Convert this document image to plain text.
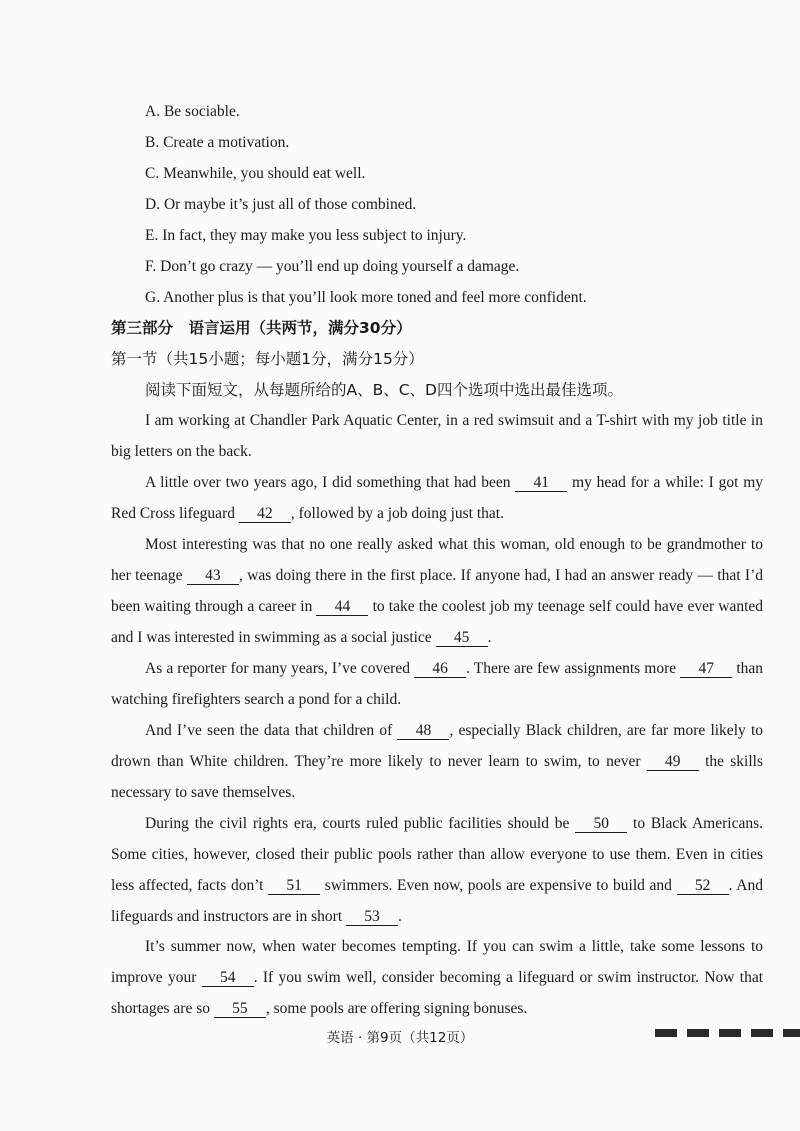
A. Be sociable.
B. Create a motivation.
C. Meanwhile, you should eat well.
D. Or maybe it’s just all of those combined.
E. In fact, they may make you less subject to injury.
F. Don’t go crazy — you’ll end up doing yourself a damage.
G. Another plus is that you’ll look more toned and feel more confident.
第三部分　语言运用（共两节，满分30分）
第一节（共15小题；每小题1分，满分15分）
阅读下面短文，从每题所给的A、B、C、D四个选项中选出最佳选项。
I am working at Chandler Park Aquatic Center, in a red swimsuit and a T-shirt with my job title in big letters on the back.
A little over two years ago, I did something that had been 41 my head for a while: I got my Red Cross lifeguard 42 , followed by a job doing just that.
Most interesting was that no one really asked what this woman, old enough to be grandmother to her teenage 43 , was doing there in the first place. If anyone had, I had an answer ready — that I’d been waiting through a career in 44 to take the coolest job my teenage self could have ever wanted and I was interested in swimming as a social justice 45 .
As a reporter for many years, I’ve covered 46 . There are few assignments more 47 than watching firefighters search a pond for a child.
And I’ve seen the data that children of 48 , especially Black children, are far more likely to drown than White children. They’re more likely to never learn to swim, to never 49 the skills necessary to save themselves.
During the civil rights era, courts ruled public facilities should be 50 to Black Americans. Some cities, however, closed their public pools rather than allow everyone to use them. Even in cities less affected, facts don’t 51 swimmers. Even now, pools are expensive to build and 52 . And lifeguards and instructors are in short 53 .
It’s summer now, when water becomes tempting. If you can swim a little, take some lessons to improve your 54 . If you swim well, consider becoming a lifeguard or swim instructor. Now that shortages are so 55 , some pools are offering signing bonuses.
英语 · 第9页（共12页）
